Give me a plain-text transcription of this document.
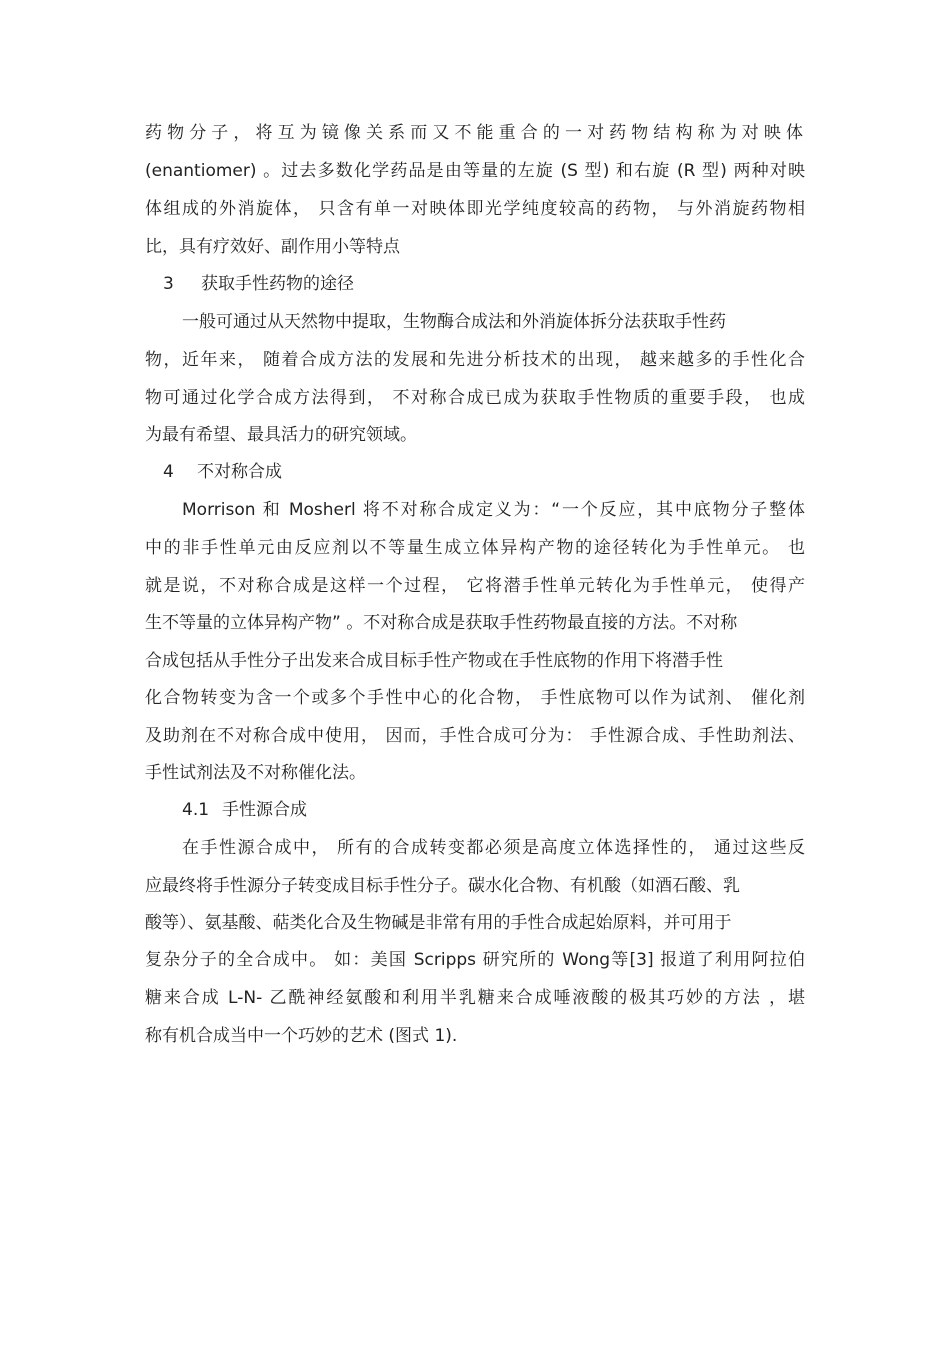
药物分子，将互为镜像关系而又不能重合的一对药物结构称为对映体
(enantiomer) 。过去多数化学药品是由等量的左旋 (S 型) 和右旋 (R 型) 两种对映
体组成的外消旋体， 只含有单一对映体即光学纯度较高的药物， 与外消旋药物相
比，具有疗效好、副作用小等特点
3 获取手性药物的途径
一般可通过从天然物中提取，生物酶合成法和外消旋体拆分法获取手性药
物，近年来， 随着合成方法的发展和先进分析技术的出现， 越来越多的手性化合
物可通过化学合成方法得到， 不对称合成已成为获取手性物质的重要手段， 也成
为最有希望、最具活力的研究领域。
4 不对称合成
Morrison 和 Mosherl 将不对称合成定义为：“一个反应，其中底物分子整体
中的非手性单元由反应剂以不等量生成立体异构产物的途径转化为手性单元。 也
就是说，不对称合成是这样一个过程， 它将潜手性单元转化为手性单元， 使得产
生不等量的立体异构产物” 。不对称合成是获取手性药物最直接的方法。不对称
合成包括从手性分子出发来合成目标手性产物或在手性底物的作用下将潜手性
化合物转变为含一个或多个手性中心的化合物， 手性底物可以作为试剂、 催化剂
及助剂在不对称合成中使用， 因而，手性合成可分为： 手性源合成、手性助剂法、
手性试剂法及不对称催化法。
4.1 手性源合成
在手性源合成中， 所有的合成转变都必须是高度立体选择性的， 通过这些反
应最终将手性源分子转变成目标手性分子。碳水化合物、有机酸（如酒石酸、乳
酸等）、氨基酸、萜类化合及生物碱是非常有用的手性合成起始原料，并可用于
复杂分子的全合成中。 如：美国 Scripps 研究所的 Wong等[3] 报道了利用阿拉伯
糖来合成 L-N- 乙酰神经氨酸和利用半乳糖来合成唾液酸的极其巧妙的方法 ，堪
称有机合成当中一个巧妙的艺术 (图式 1).
